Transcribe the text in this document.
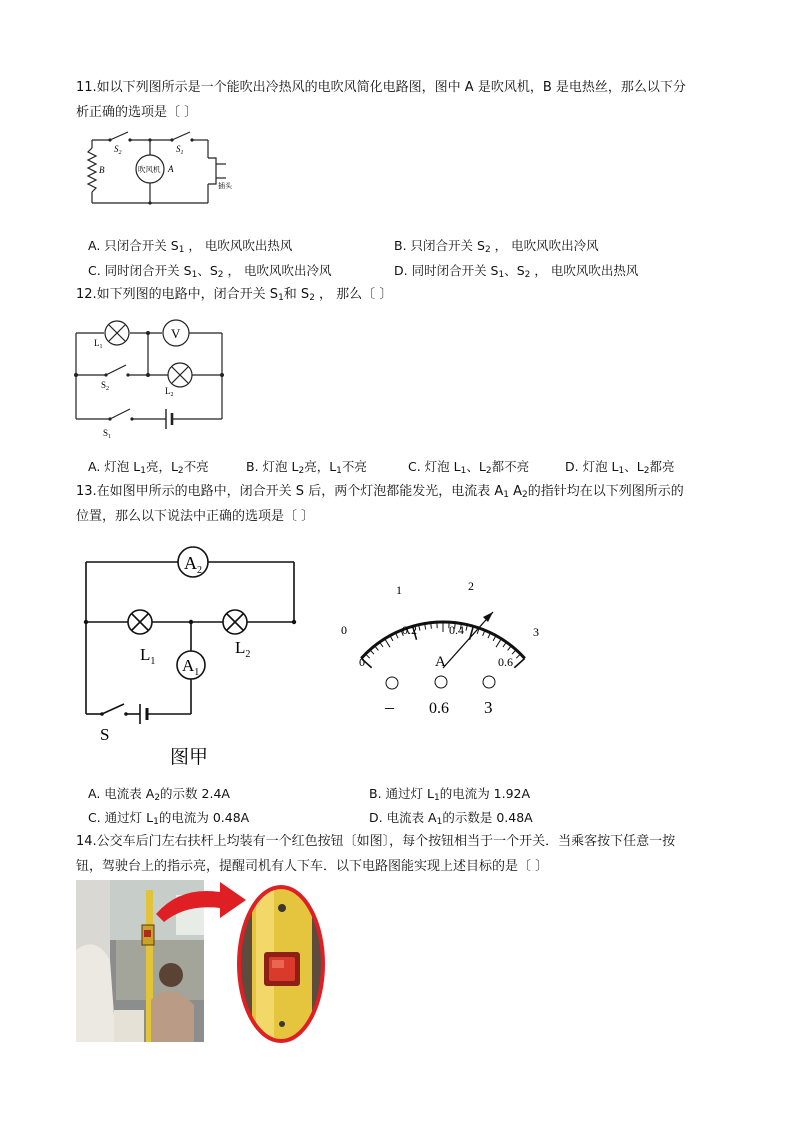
11.如以下列图所示是一个能吹出冷热风的电吹风简化电路图，图中 A 是吹风机，B 是电热丝，那么以下分
析正确的选项是〔 〕
$S_2$	$S_1$
吹风机 A
B
插头
A. 只闭合开关 $S_1$ ， 电吹风吹出热风	B. 只闭合开关 $S_2$ ， 电吹风吹出冷风
C. 同时闭合开关 $S_1$、$S_2$ ， 电吹风吹出冷风	D. 同时闭合开关 $S_1$、$S_2$ ， 电吹风吹出热风
12.如下列图的电路中，闭合开关 $S_1$和 $S_2$ ， 那么〔 〕
V
$L_1$
$L_2$
$S_2$
$S_1$
A. 灯泡 $L_1$亮，$L_2$不亮	B. 灯泡 $L_2$亮，$L_1$不亮	C. 灯泡 $L_1$、$L_2$都不亮	D. 灯泡 $L_1$、$L_2$都亮
13.在如图甲所示的电路中，闭合开关 S 后，两个灯泡都能发光，电流表 $A_1$ $A_2$的指针均在以下列图所示的
位置，那么以下说法中正确的选项是〔 〕
$A_2$
$A_1$
$L_1$
$L_2$
S
图甲
0
1	2
3
0
0.2	0.4
0.6
A
– 0.6 3
A. 电流表 $A_2$的示数 2.4A	B. 通过灯 $L_1$的电流为 1.92A
C. 通过灯 $L_1$的电流为 0.48A	D. 电流表 $A_1$的示数是 0.48A
14.公交车后门左右扶杆上均装有一个红色按钮〔如图〕，每个按钮相当于一个开关．当乘客按下任意一按
钮，驾驶台上的指示亮，提醒司机有人下车．以下电路图能实现上述目标的是〔 〕
